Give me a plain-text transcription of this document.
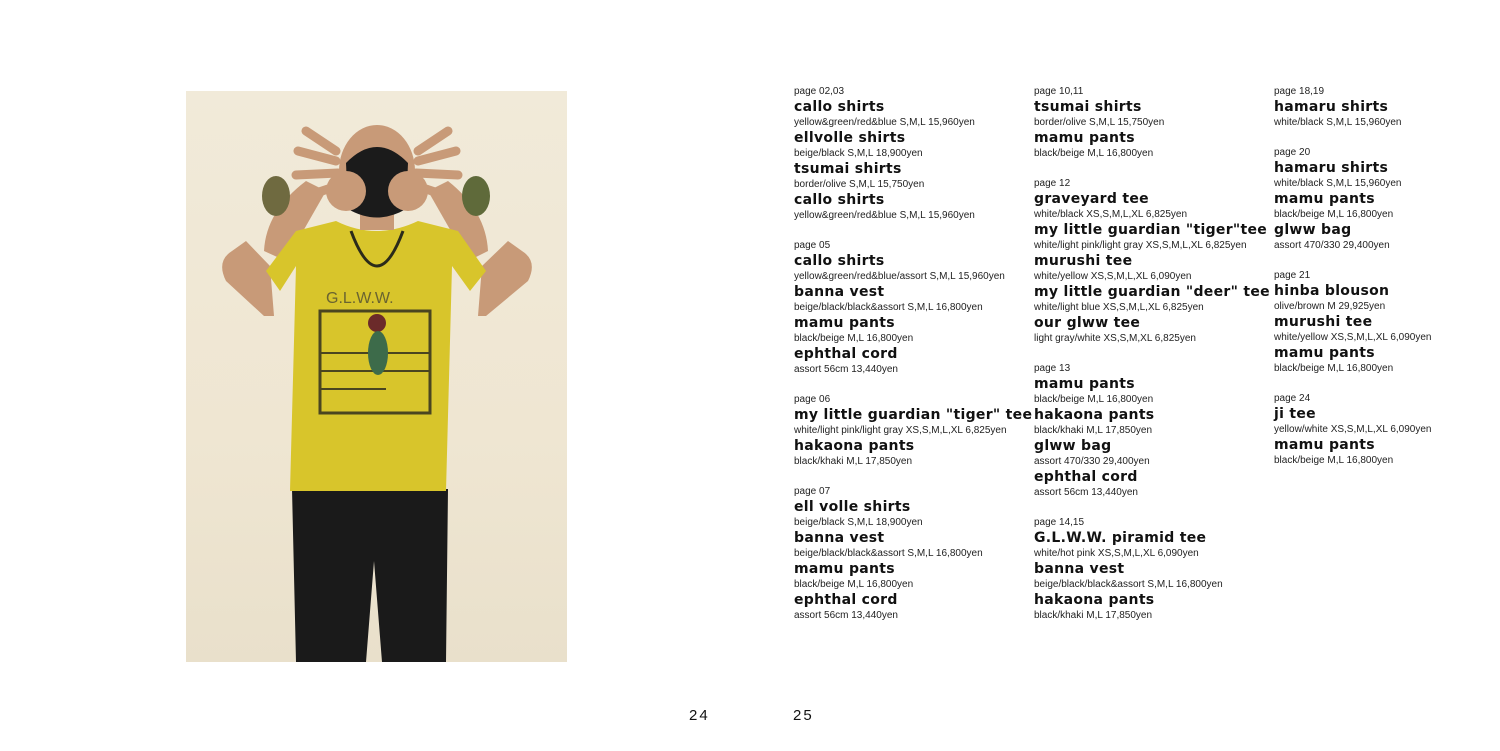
G.L.W.W.
page 02,03
callo shirts
yellow&green/red&blue S,M,L 15,960yen
ellvolle shirts
beige/black S,M,L 18,900yen
tsumai shirts
border/olive S,M,L 15,750yen
callo shirts
yellow&green/red&blue S,M,L 15,960yen
page 05
callo shirts
yellow&green/red&blue/assort S,M,L 15,960yen
banna vest
beige/black/black&assort S,M,L 16,800yen
mamu pants
black/beige M,L 16,800yen
ephthal cord
assort 56cm 13,440yen
page 06
my little guardian "tiger" tee
white/light pink/light gray XS,S,M,L,XL 6,825yen
hakaona pants
black/khaki M,L 17,850yen
page 07
ell volle shirts
beige/black S,M,L 18,900yen
banna vest
beige/black/black&assort S,M,L 16,800yen
mamu pants
black/beige M,L 16,800yen
ephthal cord
assort 56cm 13,440yen
page 10,11
tsumai shirts
border/olive S,M,L 15,750yen
mamu pants
black/beige M,L 16,800yen
page 12
graveyard tee
white/black XS,S,M,L,XL 6,825yen
my little guardian "tiger"tee
white/light pink/light gray XS,S,M,L,XL 6,825yen
murushi tee
white/yellow XS,S,M,L,XL 6,090yen
my little guardian "deer" tee
white/light blue XS,S,M,L,XL 6,825yen
our glww tee
light gray/white XS,S,M,XL 6,825yen
page 13
mamu pants
black/beige M,L 16,800yen
hakaona pants
black/khaki M,L 17,850yen
glww bag
assort 470/330 29,400yen
ephthal cord
assort 56cm 13,440yen
page 14,15
G.L.W.W. piramid tee
white/hot pink XS,S,M,L,XL 6,090yen
banna vest
beige/black/black&assort S,M,L 16,800yen
hakaona pants
black/khaki M,L 17,850yen
page 18,19
hamaru shirts
white/black S,M,L 15,960yen
page 20
hamaru shirts
white/black S,M,L 15,960yen
mamu pants
black/beige M,L 16,800yen
glww bag
assort 470/330 29,400yen
page 21
hinba blouson
olive/brown M 29,925yen
murushi tee
white/yellow XS,S,M,L,XL 6,090yen
mamu pants
black/beige M,L 16,800yen
page 24
ji tee
yellow/white XS,S,M,L,XL 6,090yen
mamu pants
black/beige M,L 16,800yen
24	25
